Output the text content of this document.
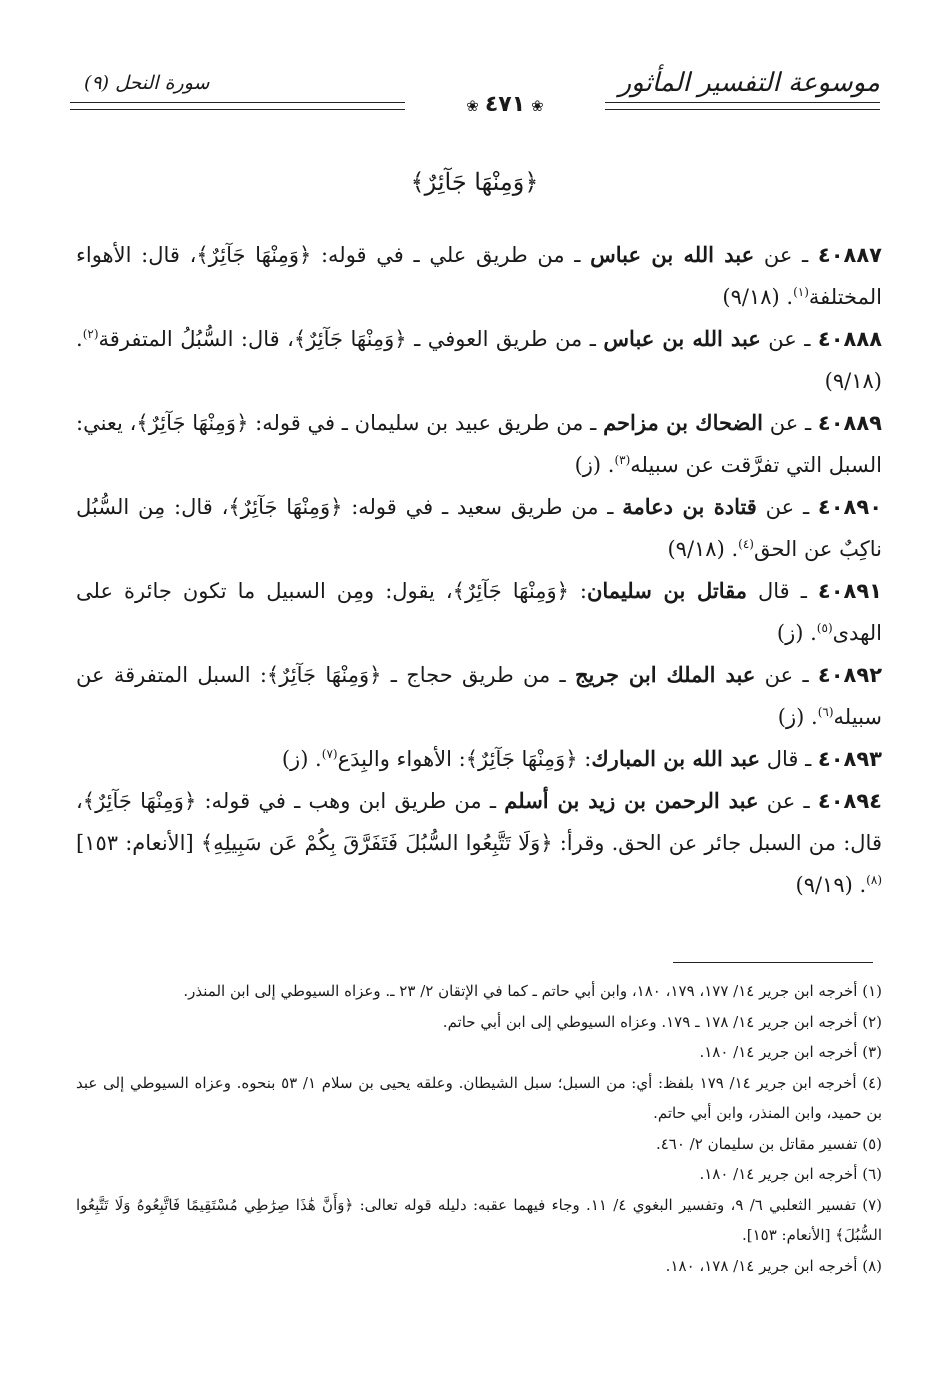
موسوعة التفسير المأثور
سورة النحل (٩)
❀ ٤٧١ ❀
﴿وَمِنْهَا جَآئِرٌ﴾

٤٠٨٨٧ ـ عن عبد الله بن عباس ـ من طريق علي ـ في قوله: ﴿وَمِنْهَا جَآئِرٌ﴾، قال: الأهواء المختلفة$^{(١)}$. (٩/١٨)

٤٠٨٨٨ ـ عن عبد الله بن عباس ـ من طريق العوفي ـ ﴿وَمِنْهَا جَآئِرٌ﴾، قال: السُّبُلُ المتفرقة$^{(٢)}$. (٩/١٨)

٤٠٨٨٩ ـ عن الضحاك بن مزاحم ـ من طريق عبيد بن سليمان ـ في قوله: ﴿وَمِنْهَا جَآئِرٌ﴾، يعني: السبل التي تفرَّقت عن سبيله$^{(٣)}$. (ز)

٤٠٨٩٠ ـ عن قتادة بن دعامة ـ من طريق سعيد ـ في قوله: ﴿وَمِنْهَا جَآئِرٌ﴾، قال: مِن السُّبُل ناكِبٌ عن الحق$^{(٤)}$. (٩/١٨)

٤٠٨٩١ ـ قال مقاتل بن سليمان: ﴿وَمِنْهَا جَآئِرٌ﴾، يقول: ومِن السبيل ما تكون جائرة على الهدى$^{(٥)}$. (ز)

٤٠٨٩٢ ـ عن عبد الملك ابن جريج ـ من طريق حجاج ـ ﴿وَمِنْهَا جَآئِرٌ﴾: السبل المتفرقة عن سبيله$^{(٦)}$. (ز)

٤٠٨٩٣ ـ قال عبد الله بن المبارك: ﴿وَمِنْهَا جَآئِرٌ﴾: الأهواء والبِدَع$^{(٧)}$. (ز)

٤٠٨٩٤ ـ عن عبد الرحمن بن زيد بن أسلم ـ من طريق ابن وهب ـ في قوله: ﴿وَمِنْهَا جَآئِرٌ﴾، قال: من السبل جائر عن الحق. وقرأ: ﴿وَلَا تَتَّبِعُوا السُّبُلَ فَتَفَرَّقَ بِكُمْ عَن سَبِيلِهِ﴾ [الأنعام: ١٥٣]$^{(٨)}$. (٩/١٩)

(١) أخرجه ابن جرير ١٤/ ١٧٧، ١٧٩، ١٨٠، وابن أبي حاتم ـ كما في الإتقان ٢/ ٢٣ ـ. وعزاه السيوطي إلى ابن المنذر.

(٢) أخرجه ابن جرير ١٤/ ١٧٨ ـ ١٧٩. وعزاه السيوطي إلى ابن أبي حاتم.

(٣) أخرجه ابن جرير ١٤/ ١٨٠.

(٤) أخرجه ابن جرير ١٤/ ١٧٩ بلفظ: أي: من السبل؛ سبل الشيطان. وعلقه يحيى بن سلام ١/ ٥٣ بنحوه. وعزاه السيوطي إلى عبد بن حميد، وابن المنذر، وابن أبي حاتم.

(٥) تفسير مقاتل بن سليمان ٢/ ٤٦٠.

(٦) أخرجه ابن جرير ١٤/ ١٨٠.

(٧) تفسير الثعلبي ٦/ ٩، وتفسير البغوي ٤/ ١١. وجاء فيهما عقبه: دليله قوله تعالى: ﴿وَأَنَّ هَٰذَا صِرَٰطِي مُسْتَقِيمًا فَاتَّبِعُوهُ وَلَا تَتَّبِعُوا السُّبُلَ﴾ [الأنعام: ١٥٣].

(٨) أخرجه ابن جرير ١٤/ ١٧٨، ١٨٠.
